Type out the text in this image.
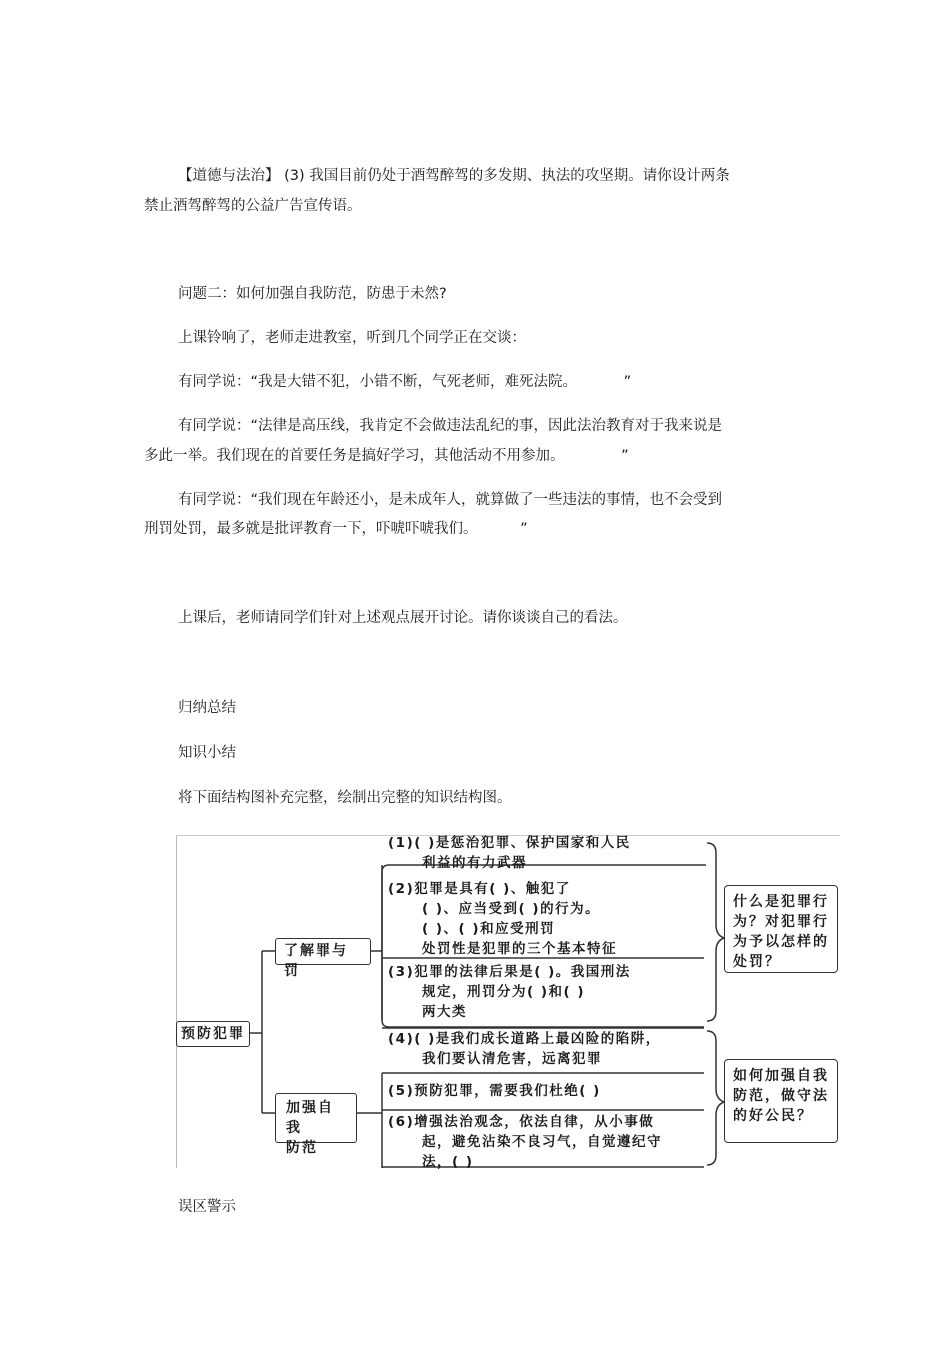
【道德与法治】 (3) 我国目前仍处于酒驾醉驾的多发期、执法的攻坚期。请你设计两条
禁止酒驾醉驾的公益广告宣传语。
问题二：如何加强自我防范，防患于未然?
上课铃响了，老师走进教室，听到几个同学正在交谈：
有同学说：“我是大错不犯，小错不断，气死老师，难死法院。	”
有同学说：“法律是高压线，我肯定不会做违法乱纪的事，因此法治教育对于我来说是
多此一举。我们现在的首要任务是搞好学习，其他活动不用参加。	”
有同学说：“我们现在年龄还小，是未成年人，就算做了一些违法的事情，也不会受到
刑罚处罚，最多就是批评教育一下，吓唬吓唬我们。	”
上课后，老师请同学们针对上述观点展开讨论。请你谈谈自己的看法。
归纳总结
知识小结
将下面结构图补充完整，绘制出完整的知识结构图。
预防犯罪
了解罪与罚
加强自我
防范
(1)( )是惩治犯罪、保护国家和人民
利益的有力武器
(2)犯罪是具有( )、触犯了
( )、应当受到( )的行为。
( )、( )和应受刑罚
处罚性是犯罪的三个基本特征
(3)犯罪的法律后果是( )。我国刑法
规定，刑罚分为( )和( )
两大类
(4)( )是我们成长道路上最凶险的陷阱，
我们要认清危害，远离犯罪
(5)预防犯罪，需要我们杜绝( )
(6)增强法治观念，依法自律，从小事做
起，避免沾染不良习气，自觉遵纪守
法，( )
什么是犯罪行
为？对犯罪行
为予以怎样的
处罚？
如何加强自我
防范，做守法
的好公民？
误区警示
